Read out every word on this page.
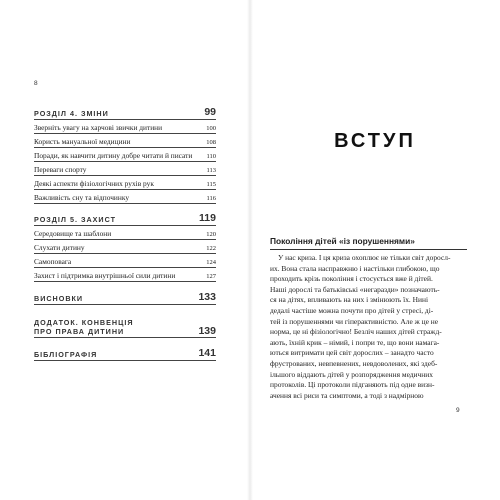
8
РОЗДІЛ 4. ЗМІНИ	99
Зверніть увагу на харчові звички дитини	100
Користь мануальної медицини	108
Поради, як навчити дитину добре читати й писати	110
Переваги спорту	113
Деякі аспекти фізіологічних рухів рук	115
Важливість сну та відпочинку	116
РОЗДІЛ 5. ЗАХИСТ	119
Середовище та шаблони	120
Слухати дитину	122
Самоповага	124
Захист і підтримка внутрішньої сили дитини	127
ВИСНОВКИ	133
ДОДАТОК. КОНВЕНЦІЯ
ПРО ПРАВА ДИТИНИ	139
БІБЛІОГРАФІЯ	141
ВСТУП
Покоління дітей «із порушеннями»
У нас криза. І ця криза охоплює не тільки світ доросл-
их. Вона стала насправжню і настільки глибокою, що
проходить крізь покоління і стосується вже й дітей.
Наші дорослі та батьківські «негаразди» позначають-
ся на дітях, впливають на них і змінюють їх. Нині
дедалі частіше можна почути про дітей у стресі, ді-
тей із порушеннями чи гіперактивністю. Але ж це не
норма, це ні фізіологічно! Безліч наших дітей стражд-
ають, їхній крик – німий, і попри те, що вони намага-
ються витримати цей світ дорослих – занадто часто
фрустрованих, невпевнених, невдоволених, які здеб-
ільшого віддають дітей у розпорядження медичних
протоколів. Ці протоколи підганяють під одне визн-
ачення всі риси та симптоми, а тоді з надмірною
9
